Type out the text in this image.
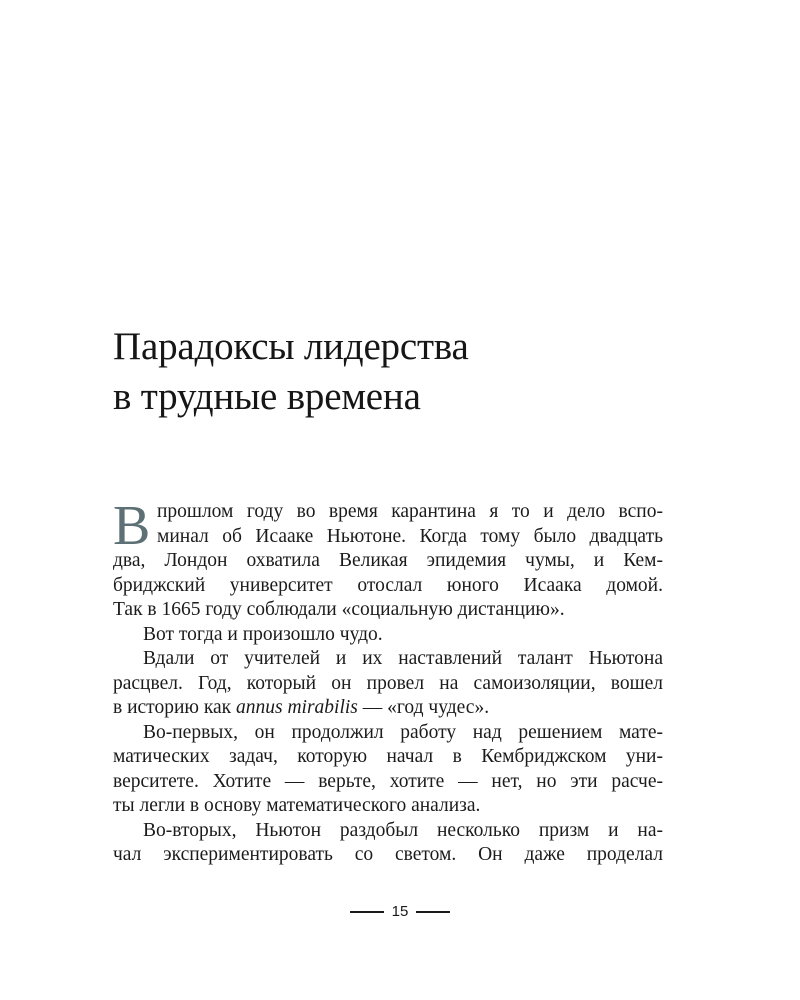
Парадоксы лидерства
в трудные времена
В прошлом году во время карантина я то и дело вспо-
минал об Исааке Ньютоне. Когда тому было двадцать
два, Лондон охватила Великая эпидемия чумы, и Кем-
бриджский университет отослал юного Исаака домой.
Так в 1665 году соблюдали «социальную дистанцию».
Вот тогда и произошло чудо.
Вдали от учителей и их наставлений талант Ньютона
расцвел. Год, который он провел на самоизоляции, вошел
в историю как annus mirabilis — «год чудес».
Во-первых, он продолжил работу над решением мате-
матических задач, которую начал в Кембриджском уни-
верситете. Хотите — верьте, хотите — нет, но эти расче-
ты легли в основу математического анализа.
Во-вторых, Ньютон раздобыл несколько призм и на-
чал экспериментировать со светом. Он даже проделал
15
